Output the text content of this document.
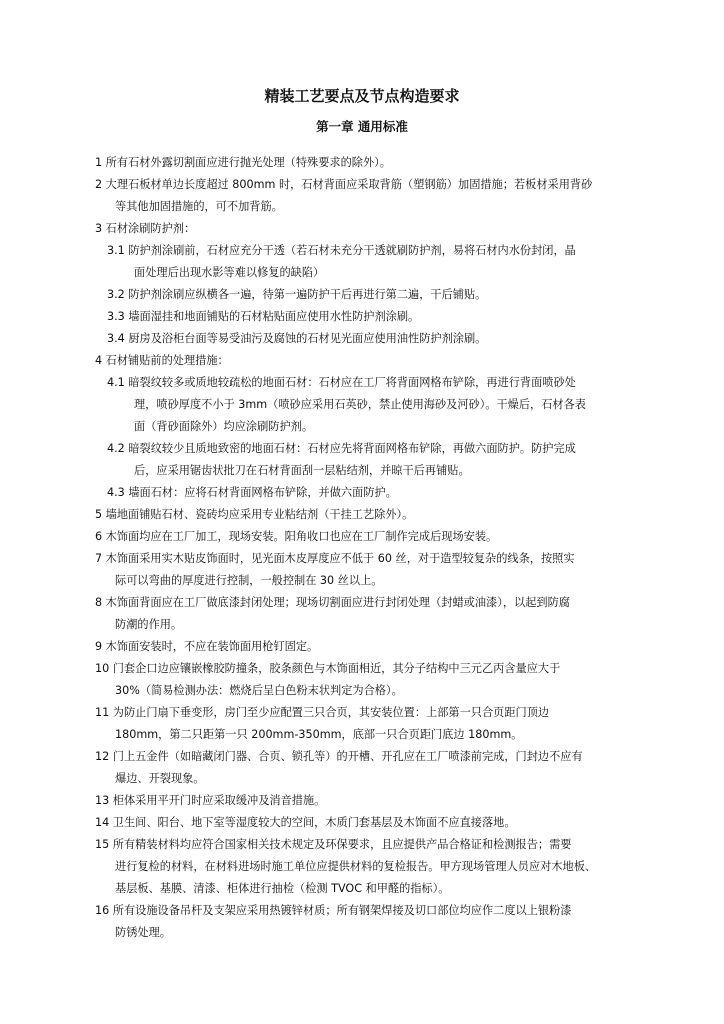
精装工艺要点及节点构造要求
第一章 通用标准
1 所有石材外露切割面应进行抛光处理（特殊要求的除外）。
2 大理石板材单边长度超过 800mm 时，石材背面应采取背筋（塑钢筋）加固措施；若板材采用背砂
等其他加固措施的，可不加背筋。
3 石材涂刷防护剂：
3.1 防护剂涂刷前，石材应充分干透（若石材未充分干透就刷防护剂，易将石材内水份封闭，晶
面处理后出现水影等难以修复的缺陷）
3.2 防护剂涂刷应纵横各一遍，待第一遍防护干后再进行第二遍，干后铺贴。
3.3 墙面湿挂和地面铺贴的石材粘贴面应使用水性防护剂涂刷。
3.4 厨房及浴柜台面等易受油污及腐蚀的石材见光面应使用油性防护剂涂刷。
4 石材铺贴前的处理措施：
4.1 暗裂纹较多或质地较疏松的地面石材：石材应在工厂将背面网格布铲除，再进行背面喷砂处
理，喷砂厚度不小于 3mm（喷砂应采用石英砂，禁止使用海砂及河砂）。干燥后，石材各表
面（背砂面除外）均应涂刷防护剂。
4.2 暗裂纹较少且质地致密的地面石材：石材应先将背面网格布铲除，再做六面防护。防护完成
后，应采用锯齿状批刀在石材背面刮一层粘结剂，并晾干后再铺贴。
4.3 墙面石材：应将石材背面网格布铲除，并做六面防护。
5 墙地面铺贴石材、瓷砖均应采用专业粘结剂（干挂工艺除外）。
6 木饰面均应在工厂加工，现场安装。阳角收口也应在工厂制作完成后现场安装。
7 木饰面采用实木贴皮饰面时，见光面木皮厚度应不低于 60 丝，对于造型较复杂的线条，按照实
际可以弯曲的厚度进行控制，一般控制在 30 丝以上。
8 木饰面背面应在工厂做底漆封闭处理；现场切割面应进行封闭处理（封蜡或油漆），以起到防腐
防潮的作用。
9 木饰面安装时，不应在装饰面用枪钉固定。
10 门套企口边应镶嵌橡胶防撞条，胶条颜色与木饰面相近，其分子结构中三元乙丙含量应大于
30%（简易检测办法：燃烧后呈白色粉末状判定为合格）。
11 为防止门扇下垂变形，房门至少应配置三只合页，其安装位置：上部第一只合页距门顶边
180mm，第二只距第一只 200mm-350mm，底部一只合页距门底边 180mm。
12 门上五金件（如暗藏闭门器、合页、锁孔等）的开槽、开孔应在工厂喷漆前完成，门封边不应有
爆边、开裂现象。
13 柜体采用平开门时应采取缓冲及消音措施。
14 卫生间、阳台、地下室等湿度较大的空间，木质门套基层及木饰面不应直接落地。
15 所有精装材料均应符合国家相关技术规定及环保要求，且应提供产品合格证和检测报告；需要
进行复检的材料，在材料进场时施工单位应提供材料的复检报告。甲方现场管理人员应对木地板、
基层板、基膜、清漆、柜体进行抽检（检测 TVOC 和甲醛的指标）。
16 所有设施设备吊杆及支架应采用热镀锌材质；所有钢架焊接及切口部位均应作二度以上银粉漆
防锈处理。
